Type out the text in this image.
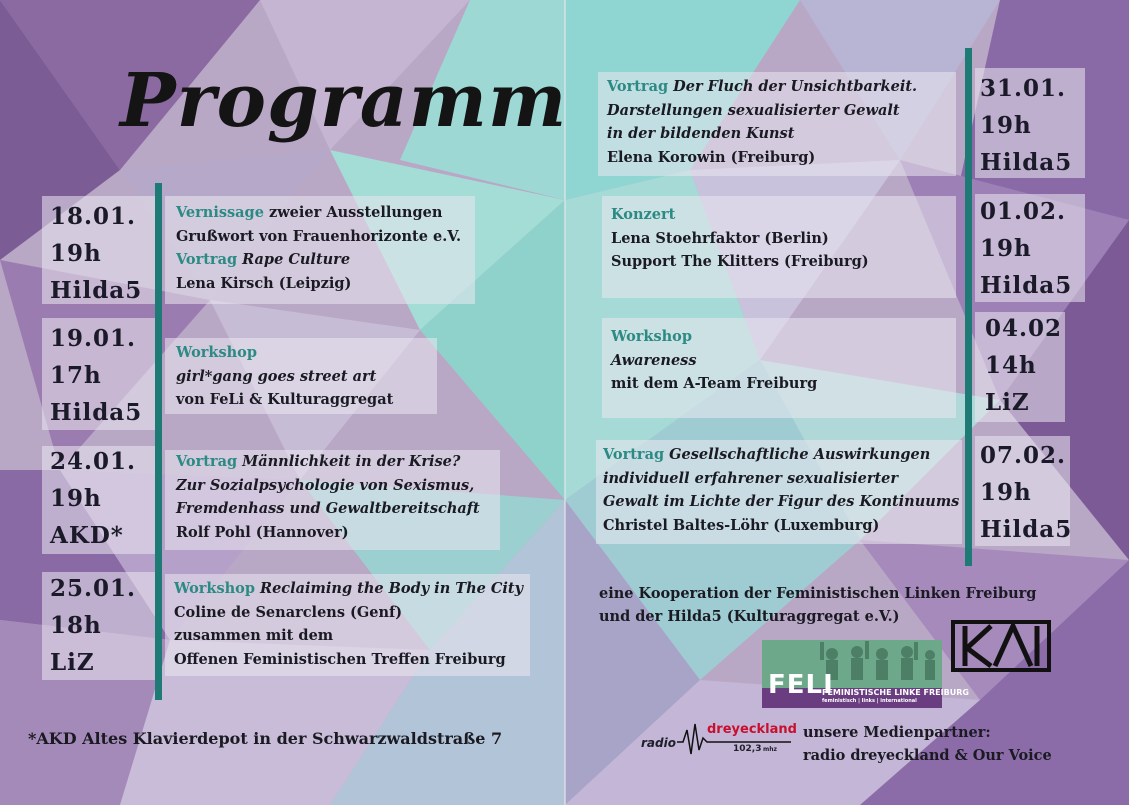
Programm
18.01.
19h
Hilda5
Vernissage zweier Ausstellungen
Grußwort von Frauenhorizonte e.V.
Vortrag Rape Culture
Lena Kirsch (Leipzig)
19.01.
17h
Hilda5
Workshop
girl*gang goes street art
von FeLi & Kulturaggregat
24.01.
19h
AKD*
Vortrag Männlichkeit in der Krise?
Zur Sozialpsychologie von Sexismus,
Fremdenhass und Gewaltbereitschaft
Rolf Pohl (Hannover)
25.01.
18h
LiZ
Workshop Reclaiming the Body in The City
Coline de Senarclens (Genf)
zusammen mit dem
Offenen Feministischen Treffen Freiburg
Vortrag Der Fluch der Unsichtbarkeit.
Darstellungen sexualisierter Gewalt
in der bildenden Kunst
Elena Korowin (Freiburg)
31.01.
19h
Hilda5
Konzert
Lena Stoehrfaktor (Berlin)
Support The Klitters (Freiburg)
01.02.
19h
Hilda5
Workshop
Awareness
mit dem A-Team Freiburg
04.02
14h
LiZ
Vortrag Gesellschaftliche Auswirkungen
individuell erfahrener sexualisierter
Gewalt im Lichte der Figur des Kontinuums
Christel Baltes-Löhr (Luxemburg)
07.02.
19h
Hilda5
eine Kooperation der Feministischen Linken Freiburg
und der Hilda5 (Kulturaggregat e.V.)
FELI
FEMINISTISCHE LINKE FREIBURG
feministisch | links | international
radio
dreyeckland
102,3 mhz
unsere Medienpartner:
radio dreyeckland & Our Voice
*AKD Altes Klavierdepot in der Schwarzwaldstraße 7
